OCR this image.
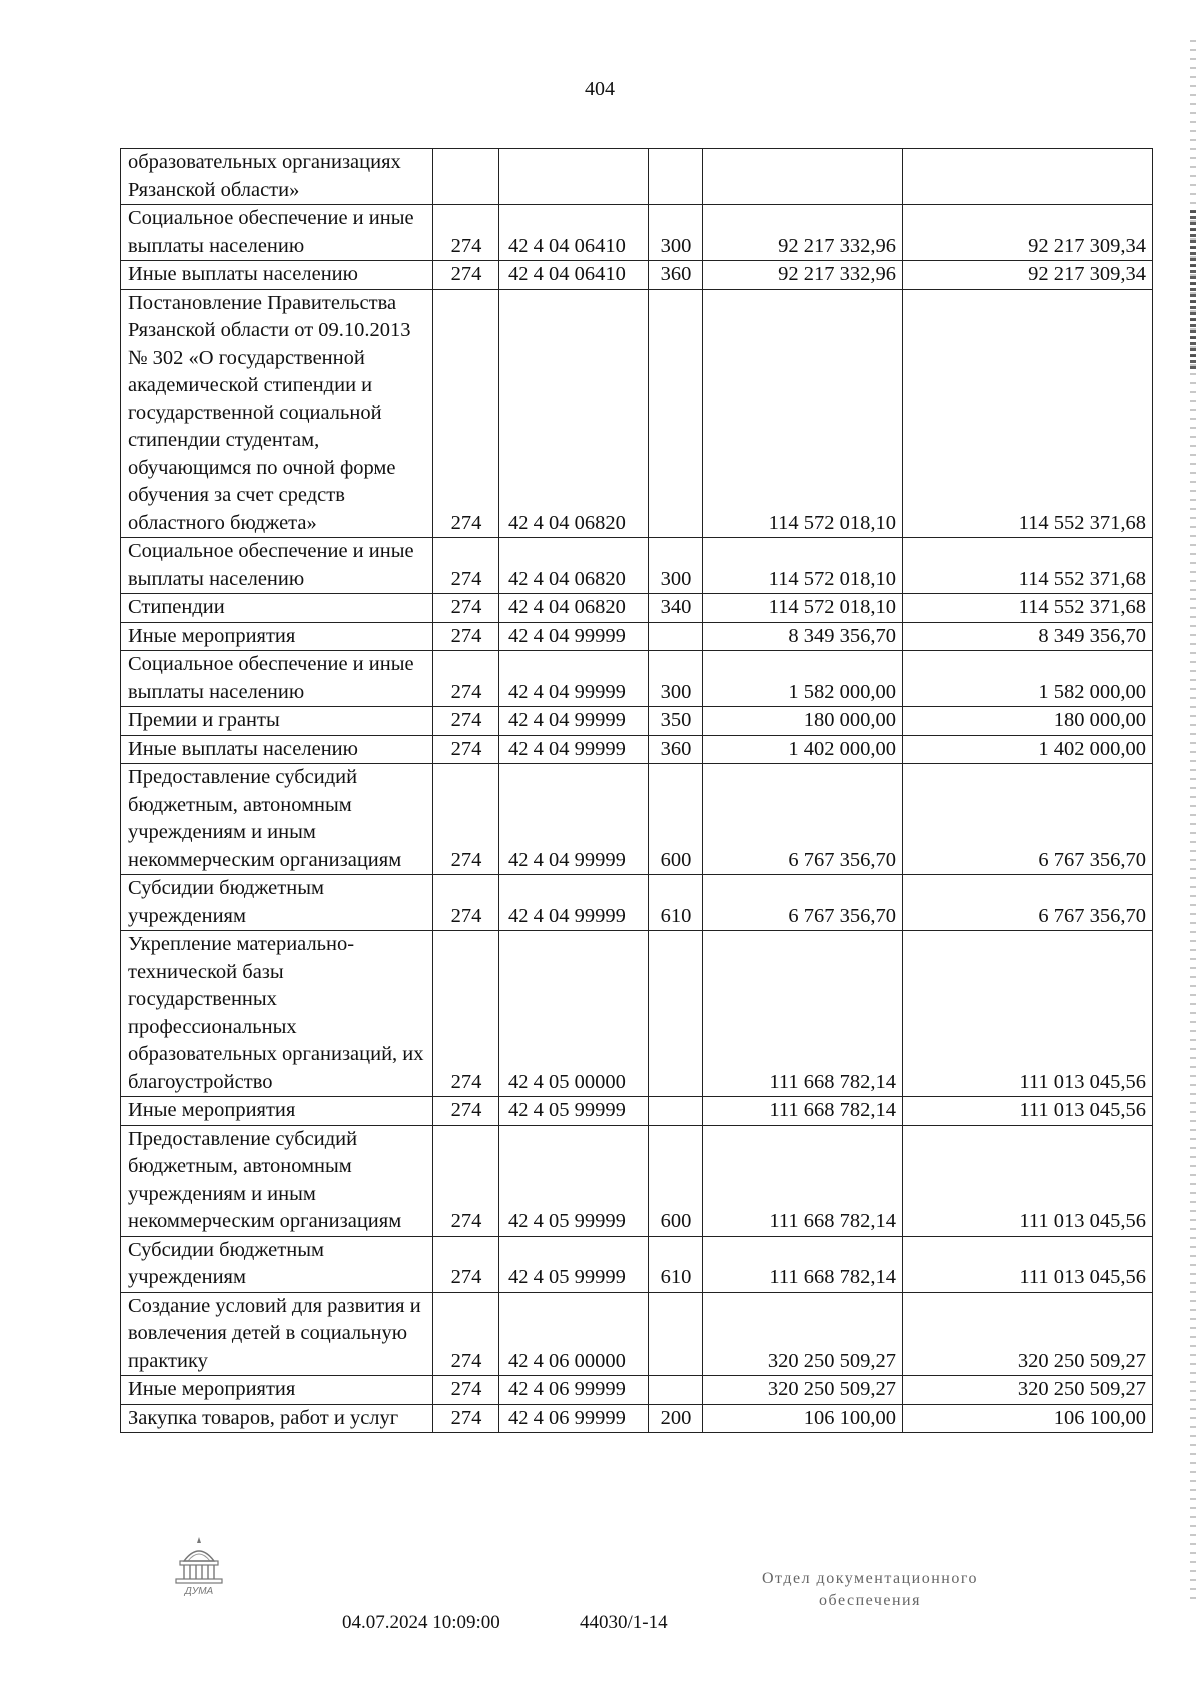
404
образовательных организациях Рязанской области»					
Социальное обеспечение и иные выплаты населению	274	42 4 04 06410	300	92 217 332,96	92 217 309,34
Иные выплаты населению	274	42 4 04 06410	360	92 217 332,96	92 217 309,34
Постановление Правительства Рязанской области от 09.10.2013 № 302 «О государственной академической стипендии и государственной социальной стипендии студентам, обучающимся по очной форме обучения за счет средств областного бюджета»	274	42 4 04 06820		114 572 018,10	114 552 371,68
Социальное обеспечение и иные выплаты населению	274	42 4 04 06820	300	114 572 018,10	114 552 371,68
Стипендии	274	42 4 04 06820	340	114 572 018,10	114 552 371,68
Иные мероприятия	274	42 4 04 99999		8 349 356,70	8 349 356,70
Социальное обеспечение и иные выплаты населению	274	42 4 04 99999	300	1 582 000,00	1 582 000,00
Премии и гранты	274	42 4 04 99999	350	180 000,00	180 000,00
Иные выплаты населению	274	42 4 04 99999	360	1 402 000,00	1 402 000,00
Предоставление субсидий бюджетным, автономным учреждениям и иным некоммерческим организациям	274	42 4 04 99999	600	6 767 356,70	6 767 356,70
Субсидии бюджетным учреждениям	274	42 4 04 99999	610	6 767 356,70	6 767 356,70
Укрепление материально-технической базы государственных профессиональных образовательных организаций, их благоустройство	274	42 4 05 00000		111 668 782,14	111 013 045,56
Иные мероприятия	274	42 4 05 99999		111 668 782,14	111 013 045,56
Предоставление субсидий бюджетным, автономным учреждениям и иным некоммерческим организациям	274	42 4 05 99999	600	111 668 782,14	111 013 045,56
Субсидии бюджетным учреждениям	274	42 4 05 99999	610	111 668 782,14	111 013 045,56
Создание условий для развития и вовлечения детей в социальную практику	274	42 4 06 00000		320 250 509,27	320 250 509,27
Иные мероприятия	274	42 4 06 99999		320 250 509,27	320 250 509,27
Закупка товаров, работ и услуг	274	42 4 06 99999	200	106 100,00	106 100,00
ДУМА
Отдел документационного
обеспечения
04.07.2024 10:09:00	44030/1-14
